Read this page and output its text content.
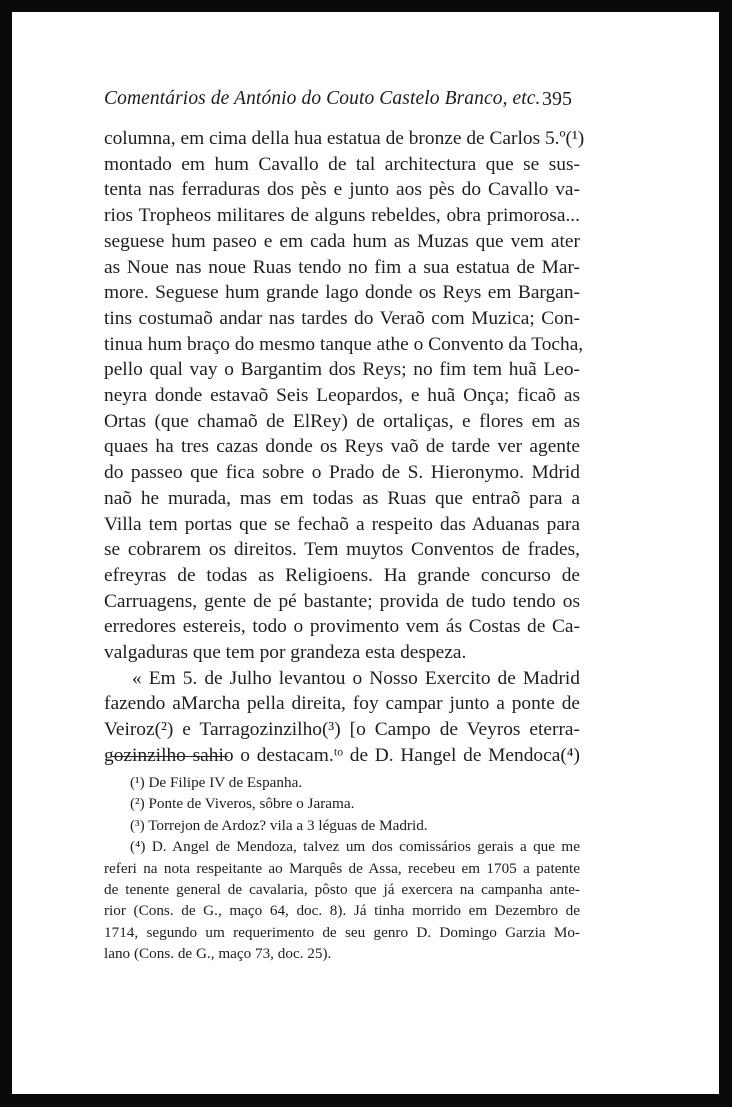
Comentários de António do Couto Castelo Branco, etc. 395
columna, em cima della hua estatua de bronze de Carlos 5.º(¹)
montado em hum Cavallo de tal architectura que se sus-
tenta nas ferraduras dos pès e junto aos pès do Cavallo va-
rios Tropheos militares de alguns rebeldes, obra primorosa...
seguese hum paseo e em cada hum as Muzas que vem ater
as Noue nas noue Ruas tendo no fim a sua estatua de Mar-
more. Seguese hum grande lago donde os Reys em Bargan-
tins costumaõ andar nas tardes do Veraõ com Muzica; Con-
tinua hum braço do mesmo tanque athe o Convento da Tocha,
pello qual vay o Bargantim dos Reys; no fim tem huã Leo-
neyra donde estavaõ Seis Leopardos, e huã Onça; ficaõ as
Ortas (que chamaõ de ElRey) de ortaliças, e flores em as
quaes ha tres cazas donde os Reys vaõ de tarde ver agente
do passeo que fica sobre o Prado de S. Hieronymo. Mdrid
naõ he murada, mas em todas as Ruas que entraõ para a
Villa tem portas que se fechaõ a respeito das Aduanas para
se cobrarem os direitos. Tem muytos Conventos de frades,
efreyras de todas as Religioens. Ha grande concurso de
Carruagens, gente de pé bastante; provida de tudo tendo os
erredores estereis, todo o provimento vem ás Costas de Ca-
valgaduras que tem por grandeza esta despeza.
« Em 5. de Julho levantou o Nosso Exercito de Madrid
fazendo aMarcha pella direita, foy campar junto a ponte de
Veiroz(²) e Tarragozinzilho(³) [o Campo de Veyros eterra-
gozinzilho sahio o destacam.ᵗᵒ de D. Hangel de Mendoca(⁴)
(¹) De Filipe IV de Espanha.
(²) Ponte de Viveros, sôbre o Jarama.
(³) Torrejon de Ardoz? vila a 3 léguas de Madrid.
(⁴) D. Angel de Mendoza, talvez um dos comissários gerais a que me
referi na nota respeitante ao Marquês de Assa, recebeu em 1705 a patente
de tenente general de cavalaria, pôsto que já exercera na campanha ante-
rior (Cons. de G., maço 64, doc. 8). Já tinha morrido em Dezembro de
1714, segundo um requerimento de seu genro D. Domingo Garzia Mo-
lano (Cons. de G., maço 73, doc. 25).
